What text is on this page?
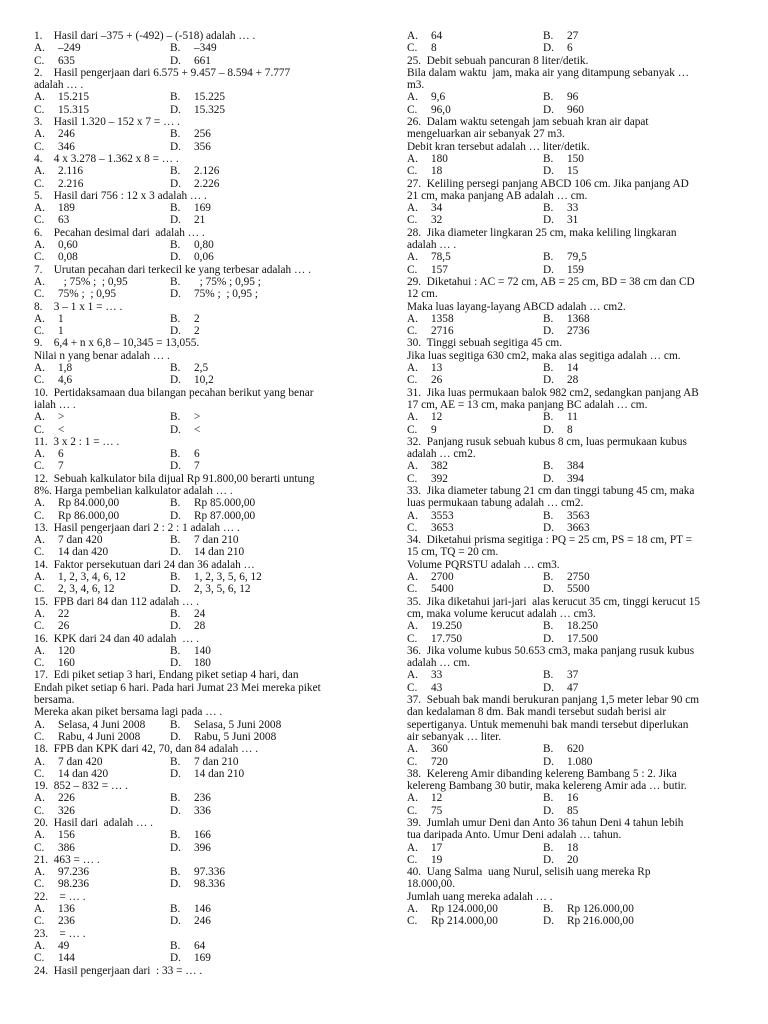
1.    Hasil dari –375 + (-492) – (-518) adalah … .
A.	–249	B.	–349
C.	635	D.	661
2.    Hasil pengerjaan dari 6.575 + 9.457 – 8.594 + 7.777
adalah … .
A.	15.215	B.	15.225
C.	15.315	D.	15.325
3.    Hasil 1.320 – 152 x 7 = … .
A.	246	B.	256
C.	346	D.	356
4.    4 x 3.278 – 1.362 x 8 = … .
A.	2.116	B.	2.126
C.	2.216	D.	2.226
5.    Hasil dari 756 : 12 x 3 adalah … .
A.	189	B.	169
C.	63	D.	21
6.    Pecahan desimal dari  adalah … .
A.	0,60	B.	0,80
C.	0,08	D.	0,06
7.    Urutan pecahan dari terkecil ke yang terbesar adalah … .
A.	; 75% ;  ; 0,95	B.	; 75% ; 0,95 ;
C.	75% ;  ; 0,95	D.	75% ;  ; 0,95 ;
8.    3 – 1 x 1 = … .
A.	1	B.	2
C.	1	D.	2
9.    6,4 + n x 6,8 – 10,345 = 13,055.
Nilai n yang benar adalah … .
A.	1,8	B.	2,5
C.	4,6	D.	10,2
10.  Pertidaksamaan dua bilangan pecahan berikut yang benar
ialah … .
A.	>	B.	>
C.	<	D.	<
11.  3 x 2 : 1 = … .
A.	6	B.	6
C.	7	D.	7
12.  Sebuah kalkulator bila dijual Rp 91.800,00 berarti untung
8%. Harga pembelian kalkulator adalah … .
A.	Rp 84.000,00	B.	Rp 85.000,00
C.	Rp 86.000,00	D.	Rp 87.000,00
13.  Hasil pengerjaan dari 2 : 2 : 1 adalah … .
A.	7 dan 420	B.	7 dan 210
C.	14 dan 420	D.	14 dan 210
14.  Faktor persekutuan dari 24 dan 36 adalah …
A.	1, 2, 3, 4, 6, 12	B.	1, 2, 3, 5, 6, 12
C.	2, 3, 4, 6, 12	D.	2, 3, 5, 6, 12
15.  FPB dari 84 dan 112 adalah … .
A.	22	B.	24
C.	26	D.	28
16.  KPK dari 24 dan 40 adalah  … .
A.	120	B.	140
C.	160	D.	180
17.  Edi piket setiap 3 hari, Endang piket setiap 4 hari, dan
Endah piket setiap 6 hari. Pada hari Jumat 23 Mei mereka piket
bersama.
Mereka akan piket bersama lagi pada … .
A.	Selasa, 4 Juni 2008 B.	Selasa, 5 Juni 2008
C.	Rabu, 4 Juni 2008	D.	Rabu, 5 Juni 2008
18.  FPB dan KPK dari 42, 70, dan 84 adalah … .
A.	7 dan 420	B.	7 dan 210
C.	14 dan 420	D.	14 dan 210
19.  852 – 832 = … .
A.	226	B.	236
C.	326	D.	336
20.  Hasil dari  adalah … .
A.	156	B.	166
C.	386	D.	396
21.  463 = … .
A.	97.236	B.	97.336
C.	98.236	D.	98.336
22.    = … .
A.	136	B.	146
C.	236	D.	246
23.    = … .
A.	49	B.	64
C.	144	D.	169
24.  Hasil pengerjaan dari  : 33 = … .
A.	64	B.	27
C.	8	D.	6
25.  Debit sebuah pancuran 8 liter/detik.
Bila dalam waktu  jam, maka air yang ditampung sebanyak …
m3.
A.	9,6	B.	96
C.	96,0	D.	960
26.  Dalam waktu setengah jam sebuah kran air dapat
mengeluarkan air sebanyak 27 m3.
Debit kran tersebut adalah … liter/detik.
A.	180	B.	150
C.	18	D.	15
27.  Keliling persegi panjang ABCD 106 cm. Jika panjang AD
21 cm, maka panjang AB adalah … cm.
A.	34	B.	33
C.	32	D.	31
28.  Jika diameter lingkaran 25 cm, maka keliling lingkaran
adalah … .
A.	78,5	B.	79,5
C.	157	D.	159
29.  Diketahui : AC = 72 cm, AB = 25 cm, BD = 38 cm dan CD
12 cm.
Maka luas layang-layang ABCD adalah … cm2.
A.	1358	B.	1368
C.	2716	D.	2736
30.  Tinggi sebuah segitiga 45 cm.
Jika luas segitiga 630 cm2, maka alas segitiga adalah … cm.
A.	13	B.	14
C.	26	D.	28
31.  Jika luas permukaan balok 982 cm2, sedangkan panjang AB
17 cm, AE = 13 cm, maka panjang BC adalah … cm.
A.	12	B.	11
C.	9	D.	8
32.  Panjang rusuk sebuah kubus 8 cm, luas permukaan kubus
adalah … cm2.
A.	382	B.	384
C.	392	D.	394
33.  Jika diameter tabung 21 cm dan tinggi tabung 45 cm, maka
luas permukaan tabung adalah … cm2.
A.	3553	B.	3563
C.	3653	D.	3663
34.  Diketahui prisma segitiga : PQ = 25 cm, PS = 18 cm, PT =
15 cm, TQ = 20 cm.
Volume PQRSTU adalah … cm3.
A.	2700	B.	2750
C.	5400	D.	5500
35.  Jika diketahui jari-jari  alas kerucut 35 cm, tinggi kerucut 15
cm, maka volume kerucut adalah … cm3.
A.	19.250	B.	18.250
C.	17.750	D.	17.500
36.  Jika volume kubus 50.653 cm3, maka panjang rusuk kubus
adalah … cm.
A.	33	B.	37
C.	43	D.	47
37.  Sebuah bak mandi berukuran panjang 1,5 meter lebar 90 cm
dan kedalaman 8 dm. Bak mandi tersebut sudah berisi air
sepertiganya. Untuk memenuhi bak mandi tersebut diperlukan
air sebanyak … liter.
A.	360	B.	620
C.	720	D.	1.080
38.  Kelereng Amir dibanding kelereng Bambang 5 : 2. Jika
kelereng Bambang 30 butir, maka kelereng Amir ada … butir.
A.	12	B.	16
C.	75	D.	85
39.  Jumlah umur Deni dan Anto 36 tahun Deni 4 tahun lebih
tua daripada Anto. Umur Deni adalah … tahun.
A.	17	B.	18
C.	19	D.	20
40.  Uang Salma  uang Nurul, selisih uang mereka Rp
18.000,00.
Jumlah uang mereka adalah … .
A.	Rp 124.000,00	B.	Rp 126.000,00
C.	Rp 214.000,00	D.	Rp 216.000,00
